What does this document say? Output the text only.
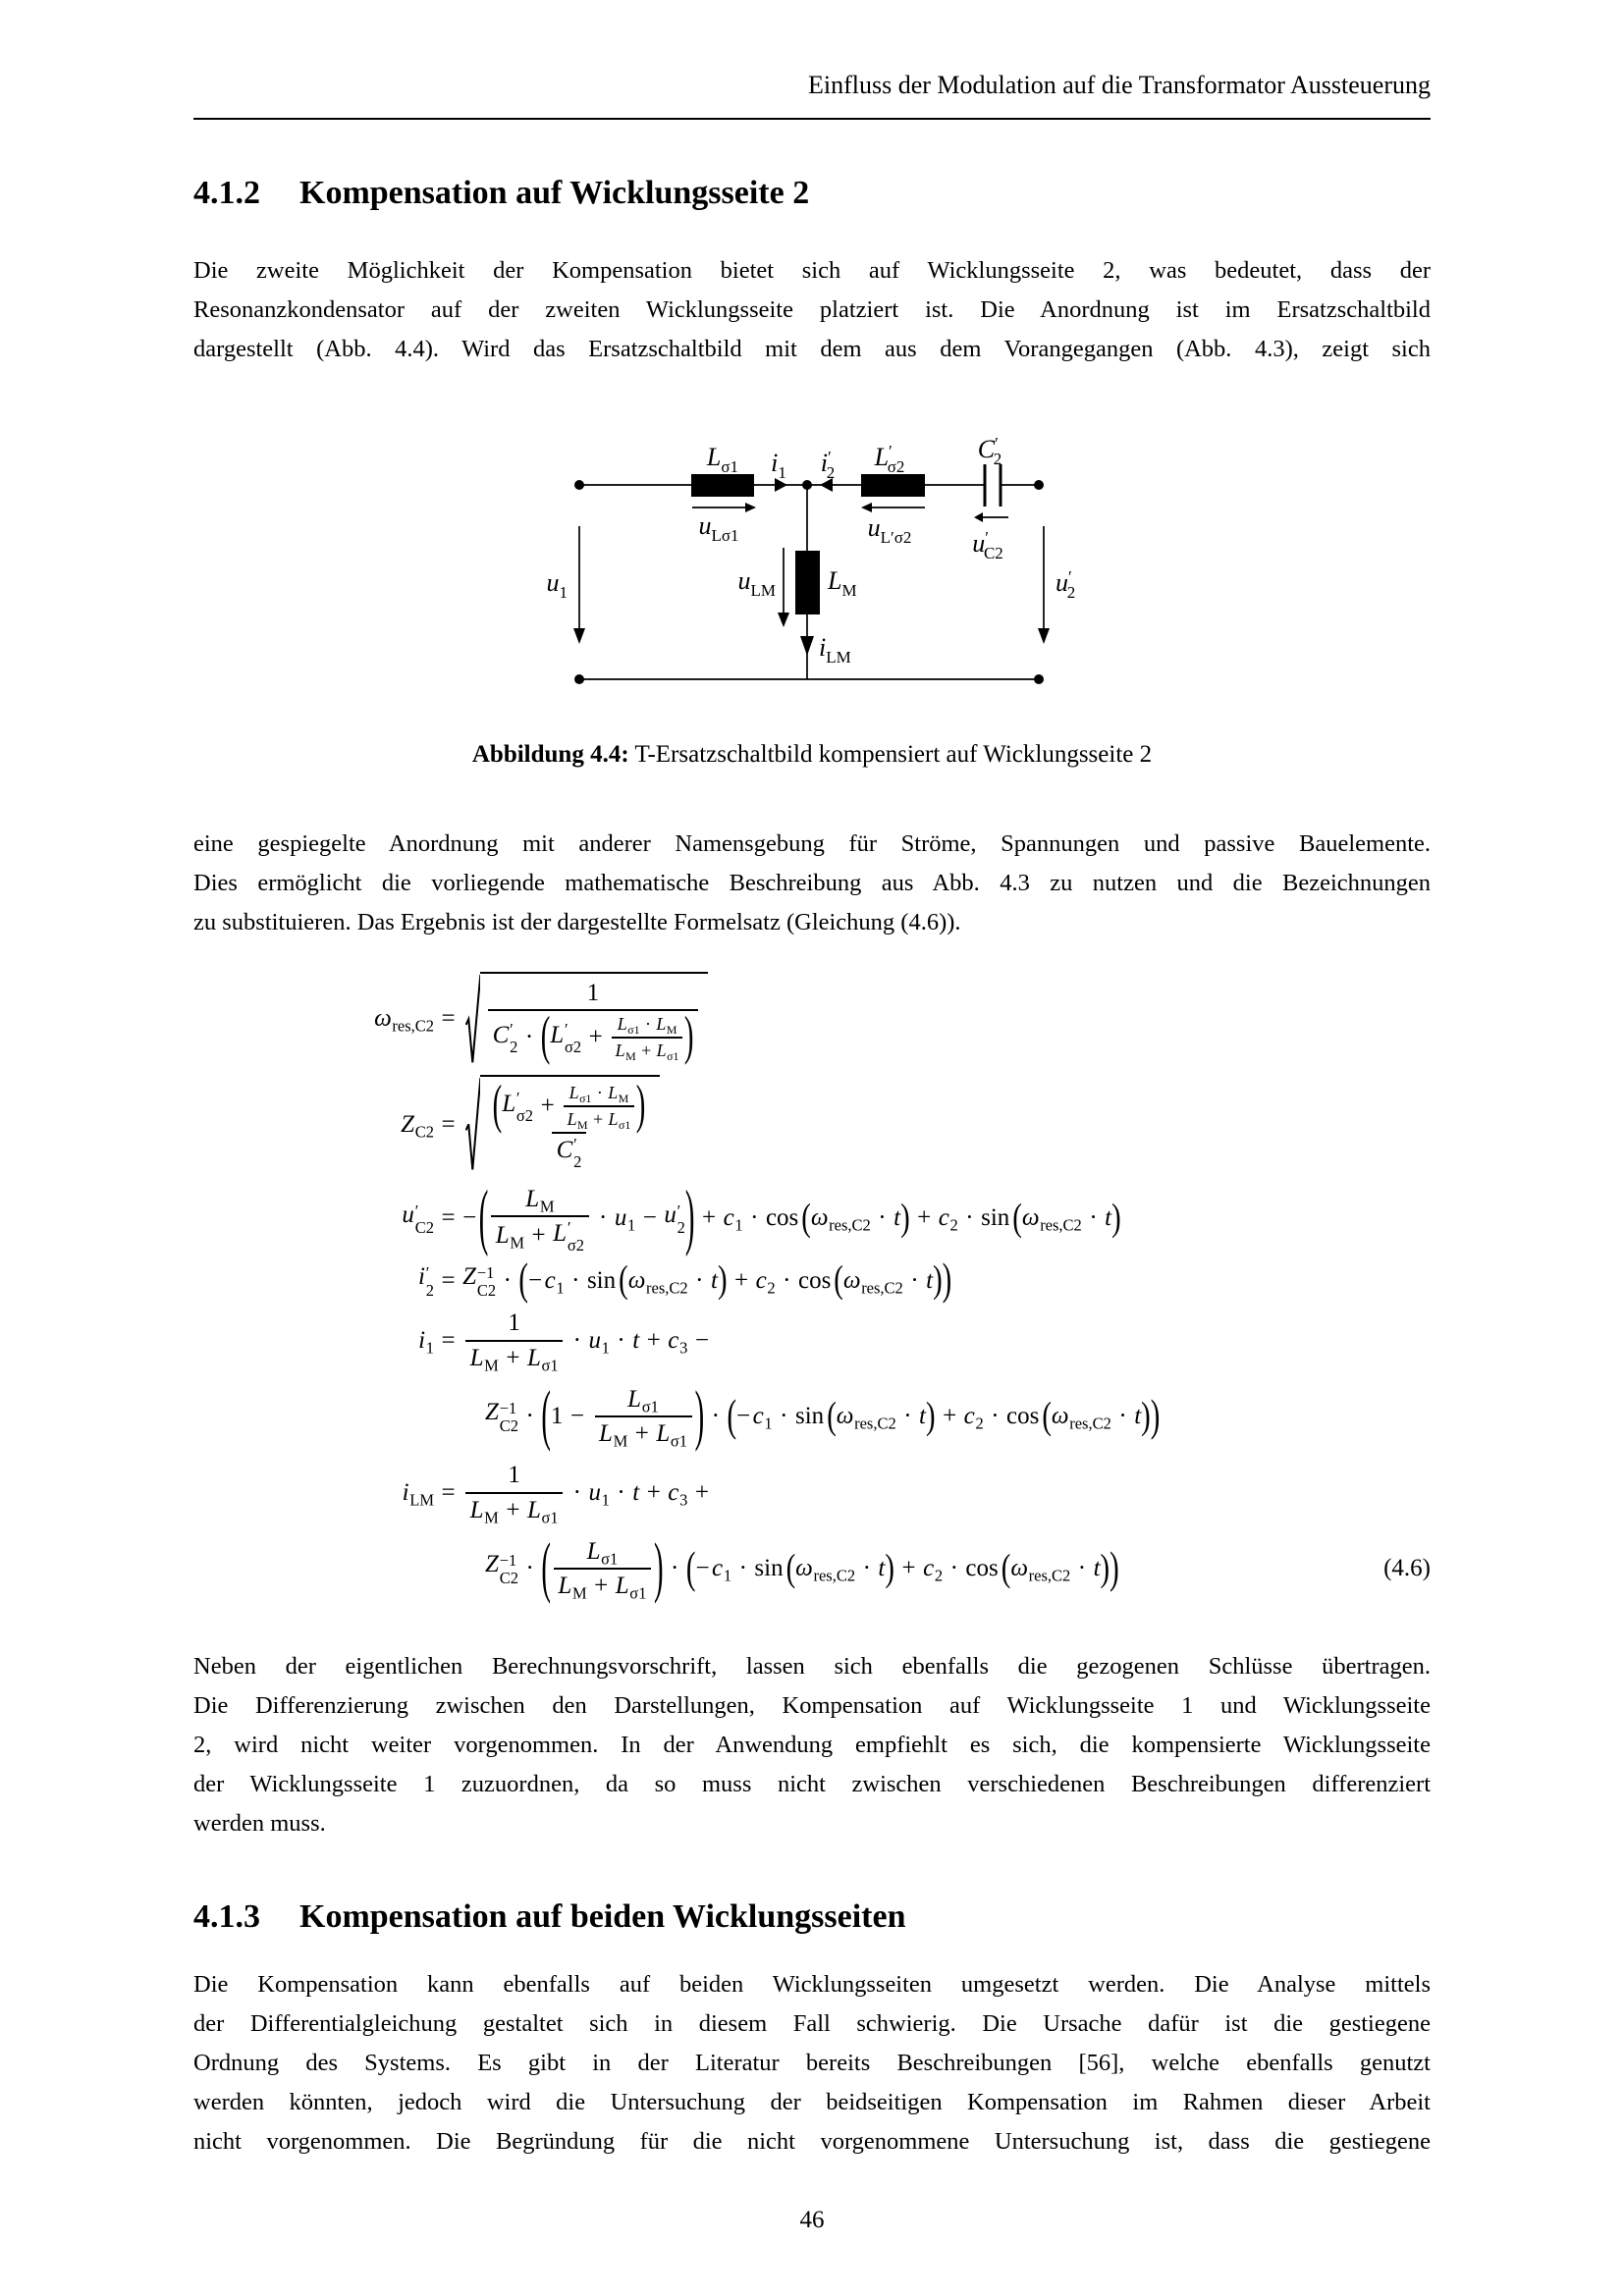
Einfluss der Modulation auf die Transformator Aussteuerung
4.1.2 Kompensation auf Wicklungsseite 2
Die zweite Möglichkeit der Kompensation bietet sich auf Wicklungsseite 2, was bedeutet, dass der
Resonanzkondensator auf der zweiten Wicklungsseite platziert ist. Die Anordnung ist im Ersatzschaltbild
dargestellt (Abb. 4.4). Wird das Ersatzschaltbild mit dem aus dem Vorangegangen (Abb. 4.3), zeigt sich
$L_{\sigma 1}$ $i_1$ i′ 2
L′ σ2
C′ 2
$u_{L\sigma 1}$	$u_{L'\sigma 2}$ u′ C2
$u_1$	$u_{LM}$ $L_M$
$i_{LM}$
u′ 2
Abbildung 4.4: T-Ersatzschaltbild kompensiert auf Wicklungsseite 2
eine gespiegelte Anordnung mit anderer Namensgebung für Ströme, Spannungen und passive Bauelemente.
Dies ermöglicht die vorliegende mathematische Beschreibung aus Abb. 4.3 zu nutzen und die Bezeichnungen
zu substituieren. Das Ergebnis ist der dargestellte Formelsatz (Gleichung (4.6)).
ω res,C2 =
1
C ′
2 · ( L ′
$\sigma 2 + \frac{\text{L σ1 · L M}}{\text{L M + L σ1}}$ )
Z C2 = ( L ′
$\sigma 2 + \frac{\text{L σ1 · L M}}{\text{L M + L σ1}}$ )
C ′
2
u ′
C2 = − ( L M
L M + L ′
σ2
· u 1 − u ′
2 ) + c 1 · cos ( ω res,C2 · t ) + c 2 · sin ( ω res,C2 · t )
i ′
2 = Z −1
C2 · ( − c 1 · sin ( ω res,C2 · t ) + c 2 · cos ( ω res,C2 · t ) )
i $1 = \frac{1}{\text{L M + L σ1}} \cdot u$ 1 · t + c 3 −
Z −1
C2 · ( $1 - \frac{\text{L σ1}}{\text{L M + L σ1}}$ ) · ( − c 1 · sin ( ω res,C2 · t ) + c 2 · cos ( ω res,C2 · t ) )
i LM = $\frac{1}{\text{L M + L σ1}} \cdot u$ 1 · t + c 3 +
Z −1
C2 · ( L σ1
L M + L σ1 ) · ( − c 1 · sin ( ω res,C2 · t ) + c 2 · cos ( ω res,C2 · t ) )	(4.6)
Neben der eigentlichen Berechnungsvorschrift, lassen sich ebenfalls die gezogenen Schlüsse übertragen.
Die Differenzierung zwischen den Darstellungen, Kompensation auf Wicklungsseite 1 und Wicklungsseite
2, wird nicht weiter vorgenommen. In der Anwendung empfiehlt es sich, die kompensierte Wicklungsseite
der Wicklungsseite 1 zuzuordnen, da so muss nicht zwischen verschiedenen Beschreibungen differenziert
werden muss.
4.1.3 Kompensation auf beiden Wicklungsseiten
Die Kompensation kann ebenfalls auf beiden Wicklungsseiten umgesetzt werden. Die Analyse mittels
der Differentialgleichung gestaltet sich in diesem Fall schwierig. Die Ursache dafür ist die gestiegene
Ordnung des Systems. Es gibt in der Literatur bereits Beschreibungen [56], welche ebenfalls genutzt
werden könnten, jedoch wird die Untersuchung der beidseitigen Kompensation im Rahmen dieser Arbeit
nicht vorgenommen. Die Begründung für die nicht vorgenommene Untersuchung ist, dass die gestiegene
46
